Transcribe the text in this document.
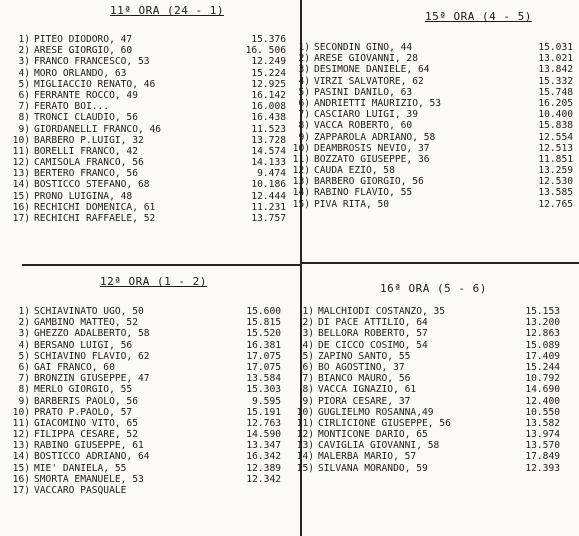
11ª ORA (24 - 1)
1) PITEO DIODORO, 47	15.376
2) ARESE GIORGIO, 60	16. 506
3) FRANCO FRANCESCO, 53	12.249
4) MORO ORLANDO, 63	15.224
5) MIGLIACCIO RENATO, 46	12.925
6) FERRANTE ROCCO, 49	16.142
7) FERATO BOI...	16.008
8) TRONCI CLAUDIO, 56	16.438
9) GIORDANELLI FRANCO, 46	11.523
10) BARBERO P.LUIGI, 32	13.728
11) BORELLI FRANCO, 42	14.574
12) CAMISOLA FRANCO, 56	14.133
13) BERTERO FRANCO, 56	9.474
14) BOSTICCO STEFANO, 68	10.186
15) PRONO LUIGINA, 48	12.444
16) RECHICHI DOMENICA, 61	11.231
17) RECHICHI RAFFAELE, 52	13.757
15ª ORA (4 - 5)
1) SECONDIN GINO, 44	15.031
2) ARESE GIOVANNI, 28	13.021
3) DESIMONE DANIELE, 64	13.842
4) VIRZI SALVATORE, 62	15.332
5) PASINI DANILO, 63	15.748
6) ANDRIETTI MAURIZIO, 53	16.205
7) CASCIARO LUIGI, 39	10.400
8) VACCA ROBERTO, 60	15.838
9) ZAPPAROLA ADRIANO, 58	12.554
10) DEAMBROSIS NEVIO, 37	12.513
11) BOZZATO GIUSEPPE, 36	11.851
12) CAUDA EZIO, 58	13.259
13) BARBERO GIORGIO, 56	12.530
14) RABINO FLAVIO, 55	13.585
15) PIVA RITA, 50	12.765
12ª ORA (1 - 2)
1) SCHIAVINATO UGO, 50	15.600
2) GAMBINO MATTEO, 52	15.815
3) GHEZZO ADALBERTO, 58	15.520
4) BERSANO LUIGI, 56	16.381
5) SCHIAVINO FLAVIO, 62	17.075
6) GAI FRANCO, 60	17.075
7) BRONZIN GIUSEPPE, 47	13.584
8) MERLO GIORGIO, 55	15.303
9) BARBERIS PAOLO, 56	9.595
10) PRATO P.PAOLO, 57	15.191
11) GIACOMINO VITO, 65	12.763
12) FILIPPA CESARE, 52	14.590
13) RABINO GIUSEPPE, 61	13.347
14) BOSTICCO ADRIANO, 64	16.342
15) MIE' DANIELA, 55	12.389
16) SMORTA EMANUELE, 53	12.342
17) VACCARO PASQUALE
16ª ORA (5 - 6)
1) MALCHIODI COSTANZO, 35	15.153
2) DI PACE ATTILIO, 64	13.200
3) BELLORA ROBERTO, 57	12.863
4) DE CICCO COSIMO, 54	15.089
5) ZAPINO SANTO, 55	17.409
6) BO AGOSTINO, 37	15.244
7) BIANCO MAURO, 56	10.792
8) VACCA IGNAZIO, 61	14.690
9) PIORA CESARE, 37	12.400
10) GUGLIELMO ROSANNA,49	10.550
11) CIRLICIONE GIUSEPPE, 56	13.582
12) MONTICONE DARIO, 65	13.974
13) CAVIGLIA GIOVANNI, 58	13.570
14) MALERBA MARIO, 57	17.849
15) SILVANA MORANDO, 59	12.393
